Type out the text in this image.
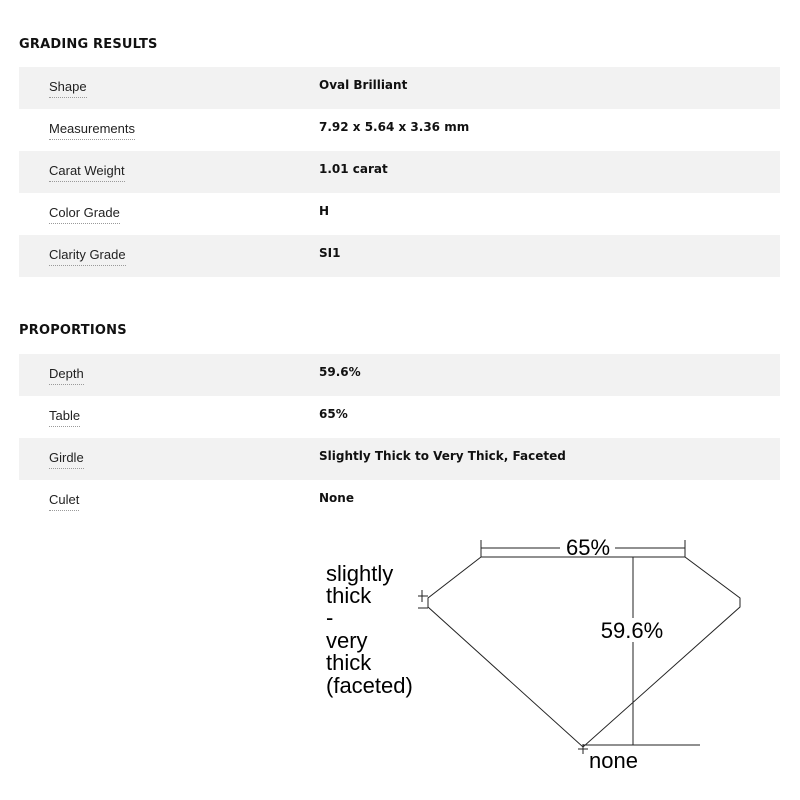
GRADING RESULTS
Shape	Oval Brilliant
Measurements	7.92 x 5.64 x 3.36 mm
Carat Weight	1.01 carat
Color Grade	H
Clarity Grade	SI1
PROPORTIONS
Depth	59.6%
Table	65%
Girdle	Slightly Thick to Very Thick, Faceted
Culet	None
65%
59.6%
none
slightly
thick
-
very
thick
(faceted)
